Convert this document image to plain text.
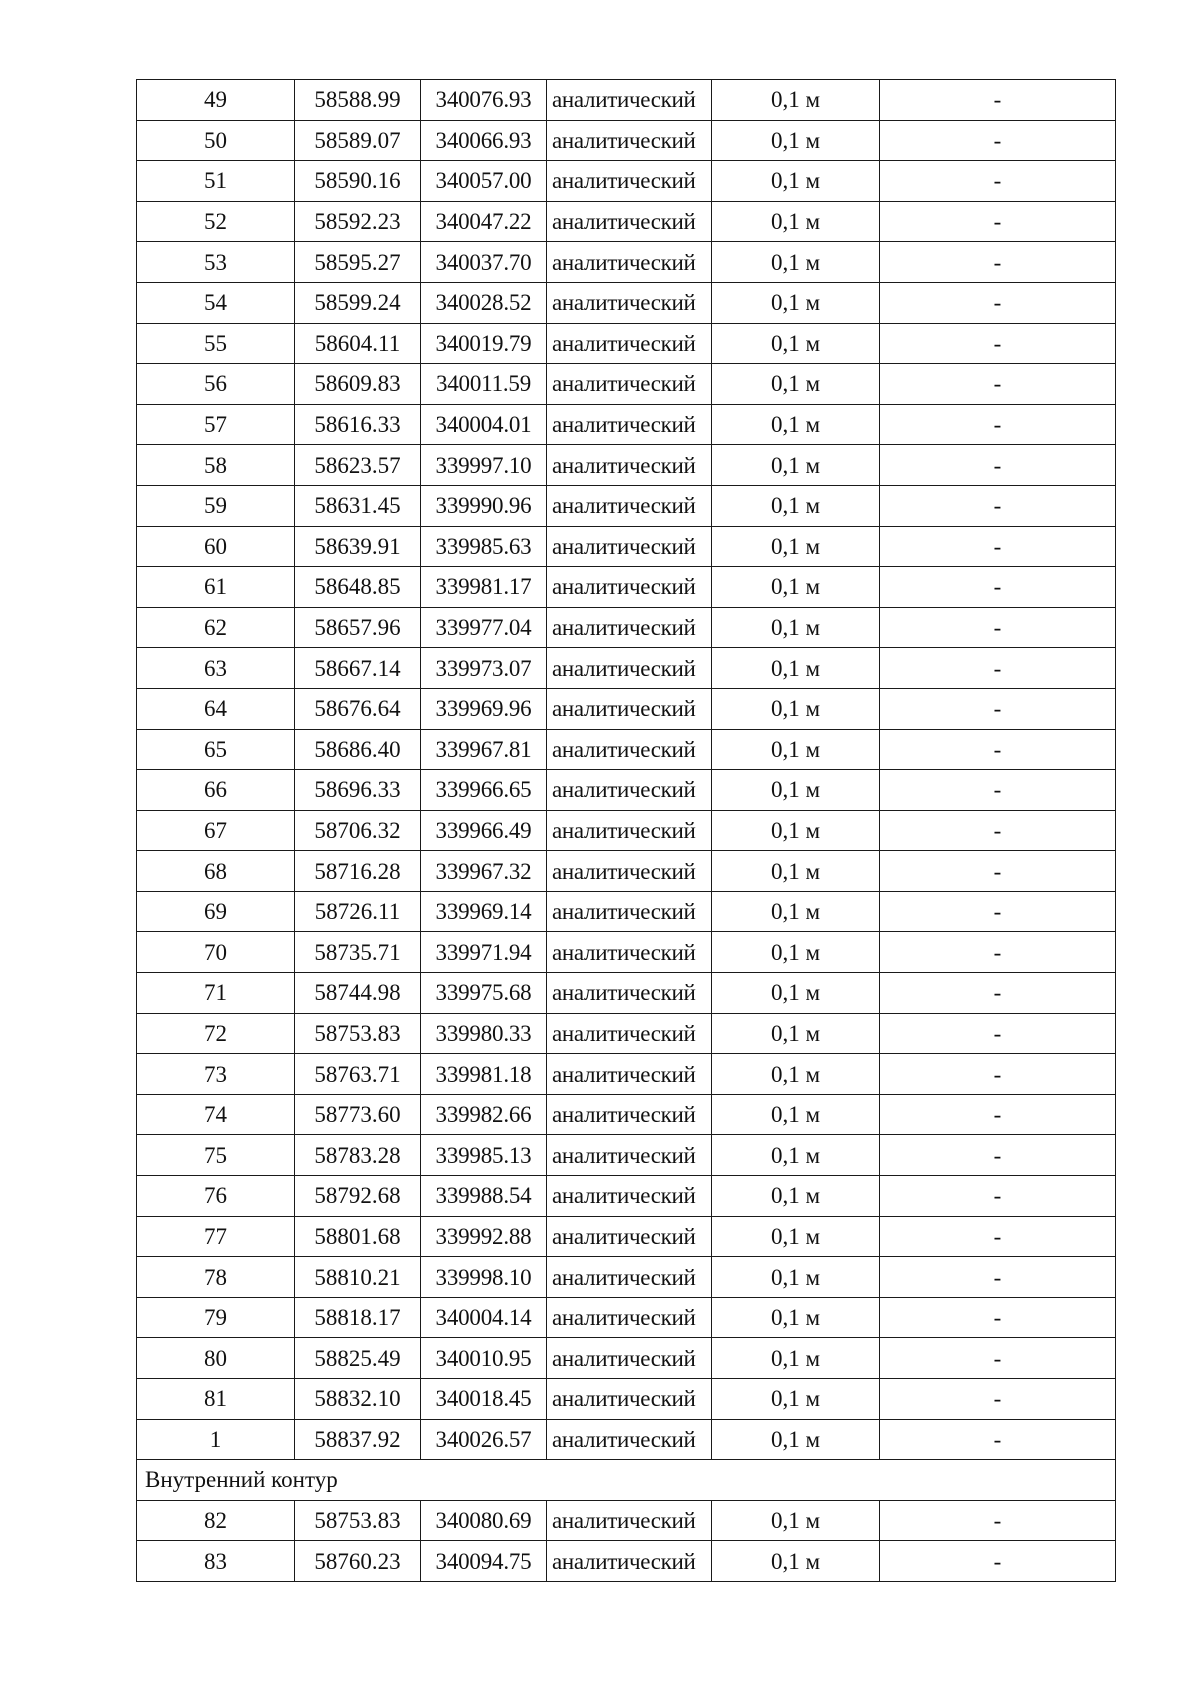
49	58588.99	340076.93	аналитический	0,1 м	-
50	58589.07	340066.93	аналитический	0,1 м	-
51	58590.16	340057.00	аналитический	0,1 м	-
52	58592.23	340047.22	аналитический	0,1 м	-
53	58595.27	340037.70	аналитический	0,1 м	-
54	58599.24	340028.52	аналитический	0,1 м	-
55	58604.11	340019.79	аналитический	0,1 м	-
56	58609.83	340011.59	аналитический	0,1 м	-
57	58616.33	340004.01	аналитический	0,1 м	-
58	58623.57	339997.10	аналитический	0,1 м	-
59	58631.45	339990.96	аналитический	0,1 м	-
60	58639.91	339985.63	аналитический	0,1 м	-
61	58648.85	339981.17	аналитический	0,1 м	-
62	58657.96	339977.04	аналитический	0,1 м	-
63	58667.14	339973.07	аналитический	0,1 м	-
64	58676.64	339969.96	аналитический	0,1 м	-
65	58686.40	339967.81	аналитический	0,1 м	-
66	58696.33	339966.65	аналитический	0,1 м	-
67	58706.32	339966.49	аналитический	0,1 м	-
68	58716.28	339967.32	аналитический	0,1 м	-
69	58726.11	339969.14	аналитический	0,1 м	-
70	58735.71	339971.94	аналитический	0,1 м	-
71	58744.98	339975.68	аналитический	0,1 м	-
72	58753.83	339980.33	аналитический	0,1 м	-
73	58763.71	339981.18	аналитический	0,1 м	-
74	58773.60	339982.66	аналитический	0,1 м	-
75	58783.28	339985.13	аналитический	0,1 м	-
76	58792.68	339988.54	аналитический	0,1 м	-
77	58801.68	339992.88	аналитический	0,1 м	-
78	58810.21	339998.10	аналитический	0,1 м	-
79	58818.17	340004.14	аналитический	0,1 м	-
80	58825.49	340010.95	аналитический	0,1 м	-
81	58832.10	340018.45	аналитический	0,1 м	-
1	58837.92	340026.57	аналитический	0,1 м	-
Внутренний контур					
82	58753.83	340080.69	аналитический	0,1 м	-
83	58760.23	340094.75	аналитический	0,1 м	-
